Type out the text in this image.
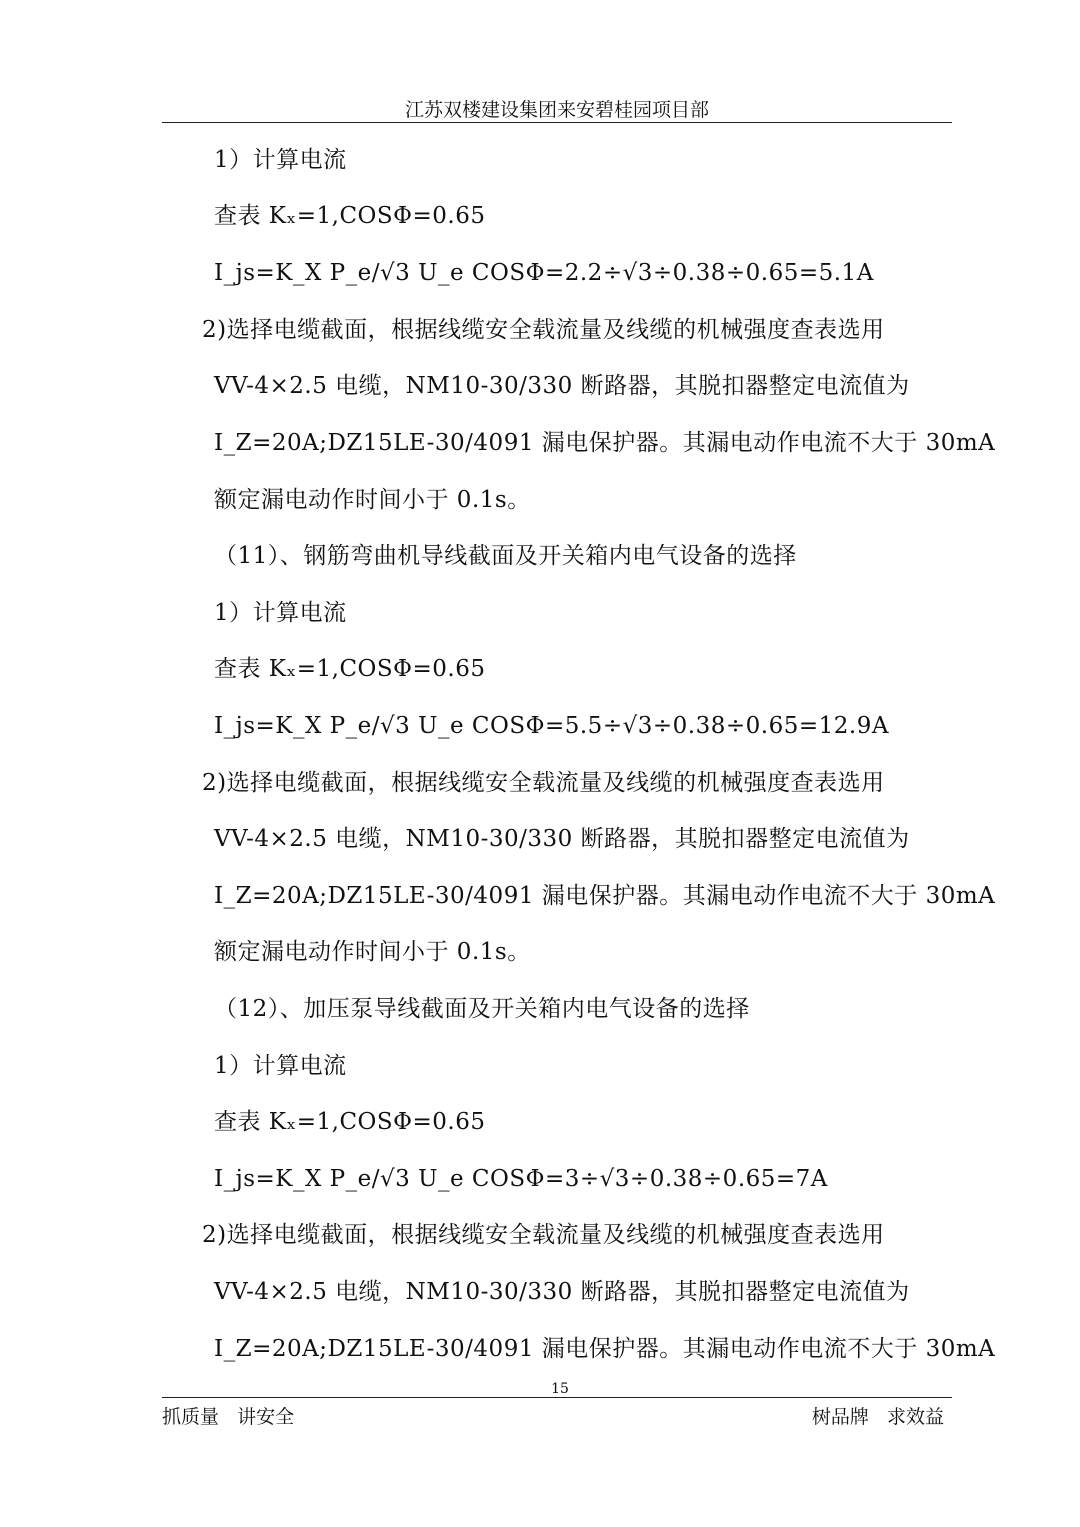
江苏双楼建设集团来安碧桂园项目部
1）计算电流
查表 Kₓ=1,COSΦ=0.65
I_js=K_X P_e/√3 U_e COSΦ=2.2÷√3÷0.38÷0.65=5.1A
2)选择电缆截面，根据线缆安全载流量及线缆的机械强度查表选用
VV-4×2.5 电缆，NM10-30/330 断路器，其脱扣器整定电流值为
I_Z=20A;DZ15LE-30/4091 漏电保护器。其漏电动作电流不大于 30mA
额定漏电动作时间小于 0.1s。
（11）、钢筋弯曲机导线截面及开关箱内电气设备的选择
1）计算电流
查表 Kₓ=1,COSΦ=0.65
I_js=K_X P_e/√3 U_e COSΦ=5.5÷√3÷0.38÷0.65=12.9A
2)选择电缆截面，根据线缆安全载流量及线缆的机械强度查表选用
VV-4×2.5 电缆，NM10-30/330 断路器，其脱扣器整定电流值为
I_Z=20A;DZ15LE-30/4091 漏电保护器。其漏电动作电流不大于 30mA
额定漏电动作时间小于 0.1s。
（12）、加压泵导线截面及开关箱内电气设备的选择
1）计算电流
查表 Kₓ=1,COSΦ=0.65
I_js=K_X P_e/√3 U_e COSΦ=3÷√3÷0.38÷0.65=7A
2)选择电缆截面，根据线缆安全载流量及线缆的机械强度查表选用
VV-4×2.5 电缆，NM10-30/330 断路器，其脱扣器整定电流值为
I_Z=20A;DZ15LE-30/4091 漏电保护器。其漏电动作电流不大于 30mA
15
抓质量   讲安全	树品牌   求效益
